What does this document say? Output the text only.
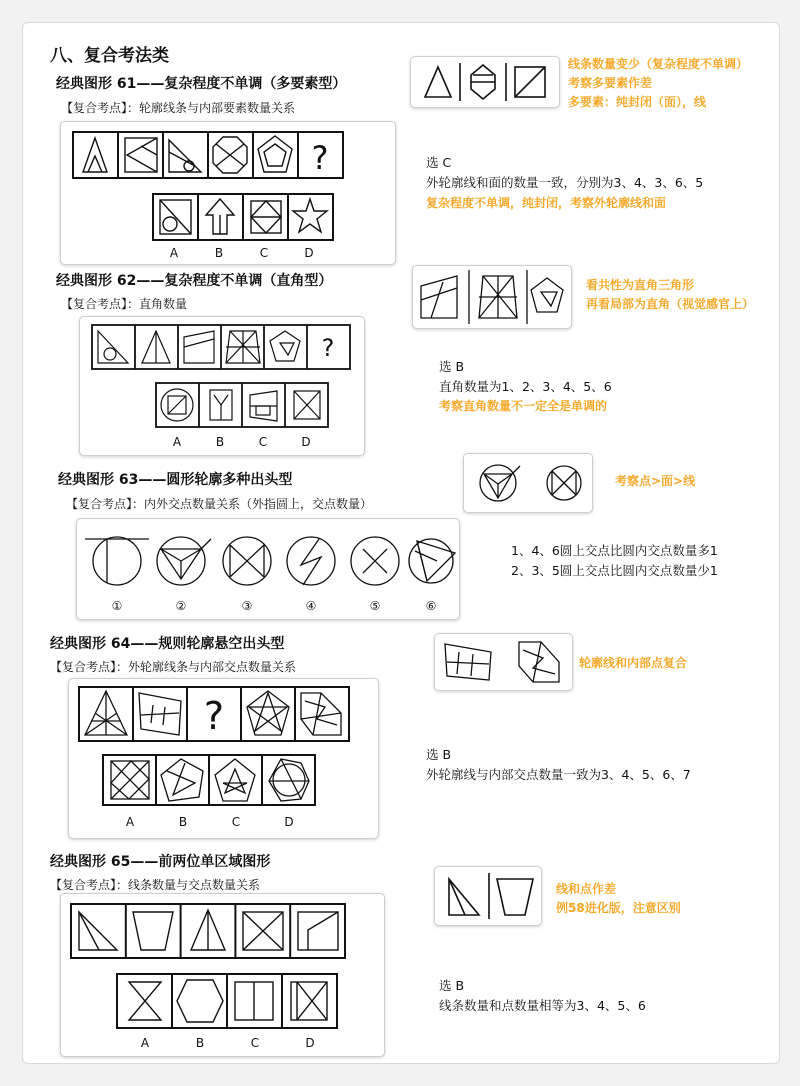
八、复合考法类
经典图形 61——复杂程度不单调（多要素型）
【复合考点】：轮廓线条与内部要素数量关系
?
A	B	C	D
线条数量变少（复杂程度不单调）
考察多要素作差
多要素：纯封闭（面），线
选 C
外轮廓线和面的数量一致，分别为3、4、3、6、5
复杂程度不单调，纯封闭，考察外轮廓线和面
经典图形 62——复杂程度不单调（直角型）
【复合考点】：直角数量
?
A	B	C	D
看共性为直角三角形
再看局部为直角（视觉感官上）
选 B
直角数量为1、2、3、4、5、6
考察直角数量不一定全是单调的
经典图形 63——圆形轮廓多种出头型
【复合考点】：内外交点数量关系（外指圆上，交点数量）
①	②	③	④	⑤	⑥
考察点>面>线
1、4、6圆上交点比圆内交点数量多1
2、3、5圆上交点比圆内交点数量少1
经典图形 64——规则轮廓悬空出头型
【复合考点】：外轮廓线条与内部交点数量关系
?
A	B	C	D
轮廓线和内部点复合
选 B
外轮廓线与内部交点数量一致为3、4、5、6、7
经典图形 65——前两位单区域图形
【复合考点】：线条数量与交点数量关系
A	B	C	D
线和点作差
例58进化版，注意区别
选 B
线条数量和点数量相等为3、4、5、6
